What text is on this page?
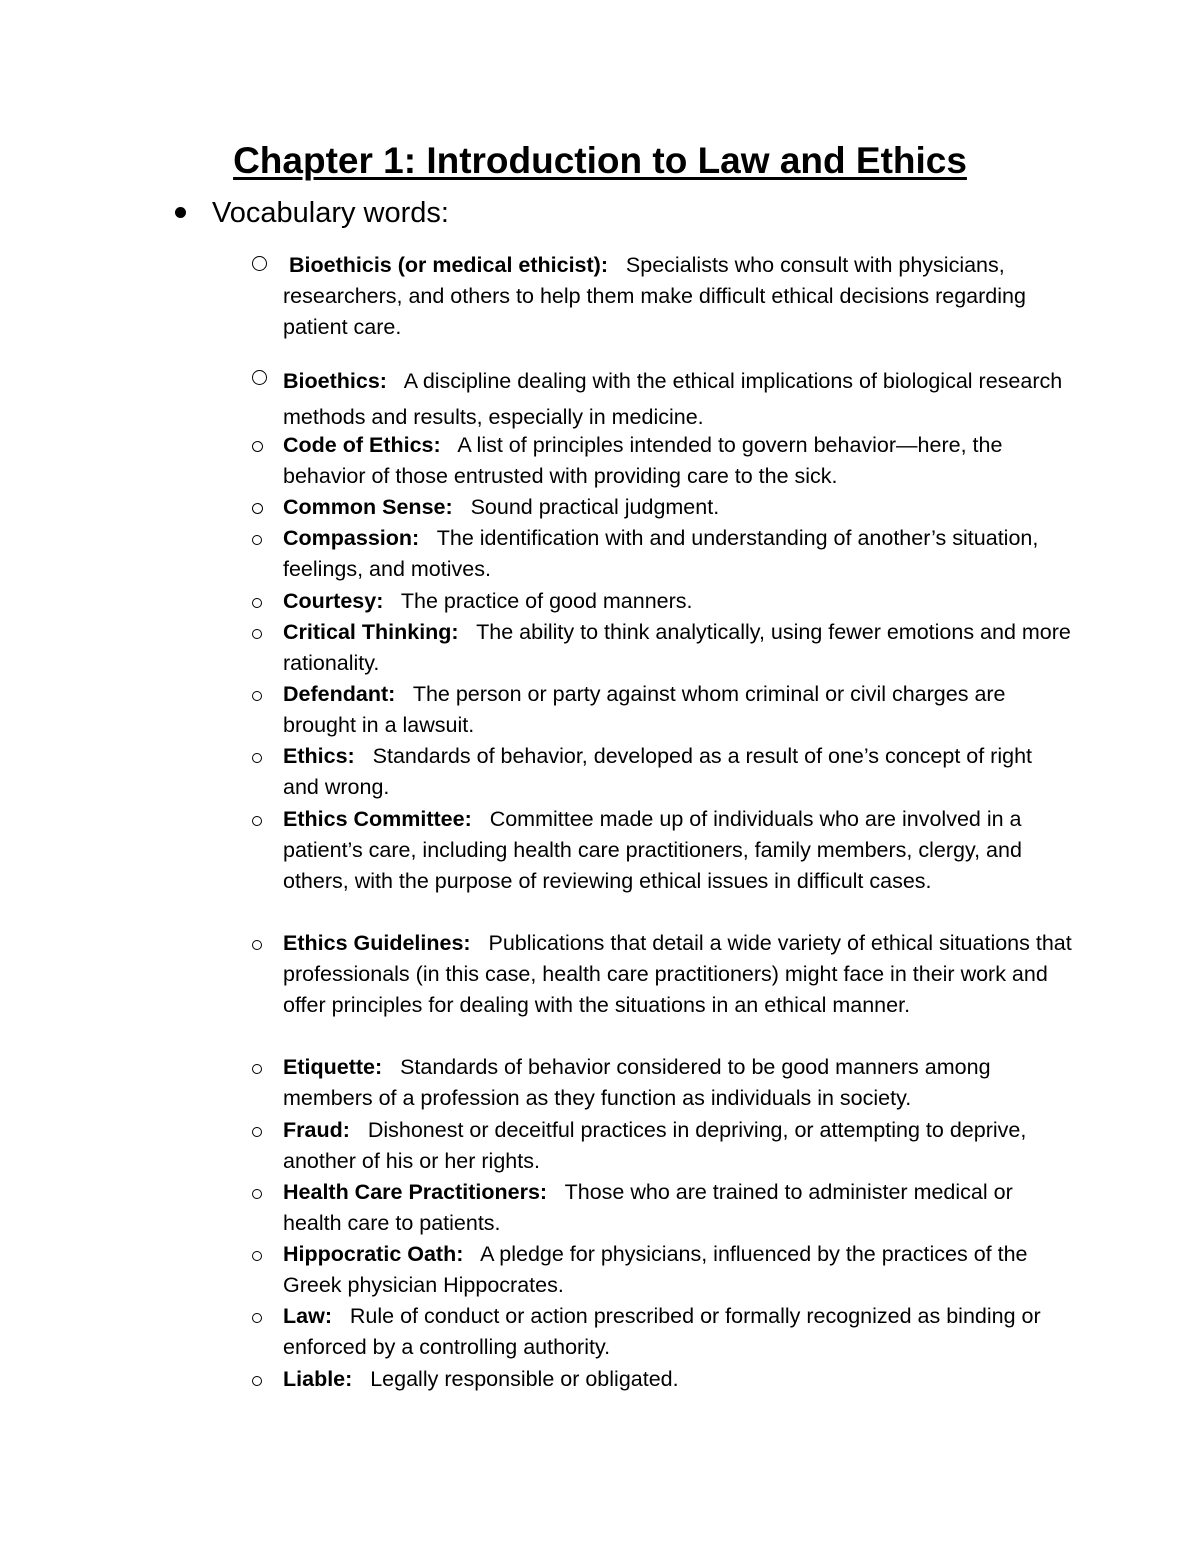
Chapter 1: Introduction to Law and Ethics
Vocabulary words:
Bioethicis (or medical ethicist):   Specialists who consult with physicians, researchers, and others to help them make difficult ethical decisions regarding patient care.
Bioethics:   A discipline dealing with the ethical implications of biological research methods and results, especially in medicine.
Code of Ethics:   A list of principles intended to govern behavior—here, the behavior of those entrusted with providing care to the sick.
Common Sense:   Sound practical judgment.
Compassion:   The identification with and understanding of another’s situation, feelings, and motives.
Courtesy:   The practice of good manners.
Critical Thinking:   The ability to think analytically, using fewer emotions and more rationality.
Defendant:   The person or party against whom criminal or civil charges are brought in a lawsuit.
Ethics:   Standards of behavior, developed as a result of one’s concept of right and wrong.
Ethics Committee:   Committee made up of individuals who are involved in a patient’s care, including health care practitioners, family members, clergy, and others, with the purpose of reviewing ethical issues in difficult cases.
Ethics Guidelines:   Publications that detail a wide variety of ethical situations that professionals (in this case, health care practitioners) might face in their work and offer principles for dealing with the situations in an ethical manner.
Etiquette:   Standards of behavior considered to be good manners among members of a profession as they function as individuals in society.
Fraud:   Dishonest or deceitful practices in depriving, or attempting to deprive, another of his or her rights.
Health Care Practitioners:   Those who are trained to administer medical or health care to patients.
Hippocratic Oath:   A pledge for physicians, influenced by the practices of the Greek physician Hippocrates.
Law:   Rule of conduct or action prescribed or formally recognized as binding or enforced by a controlling authority.
Liable:   Legally responsible or obligated.
